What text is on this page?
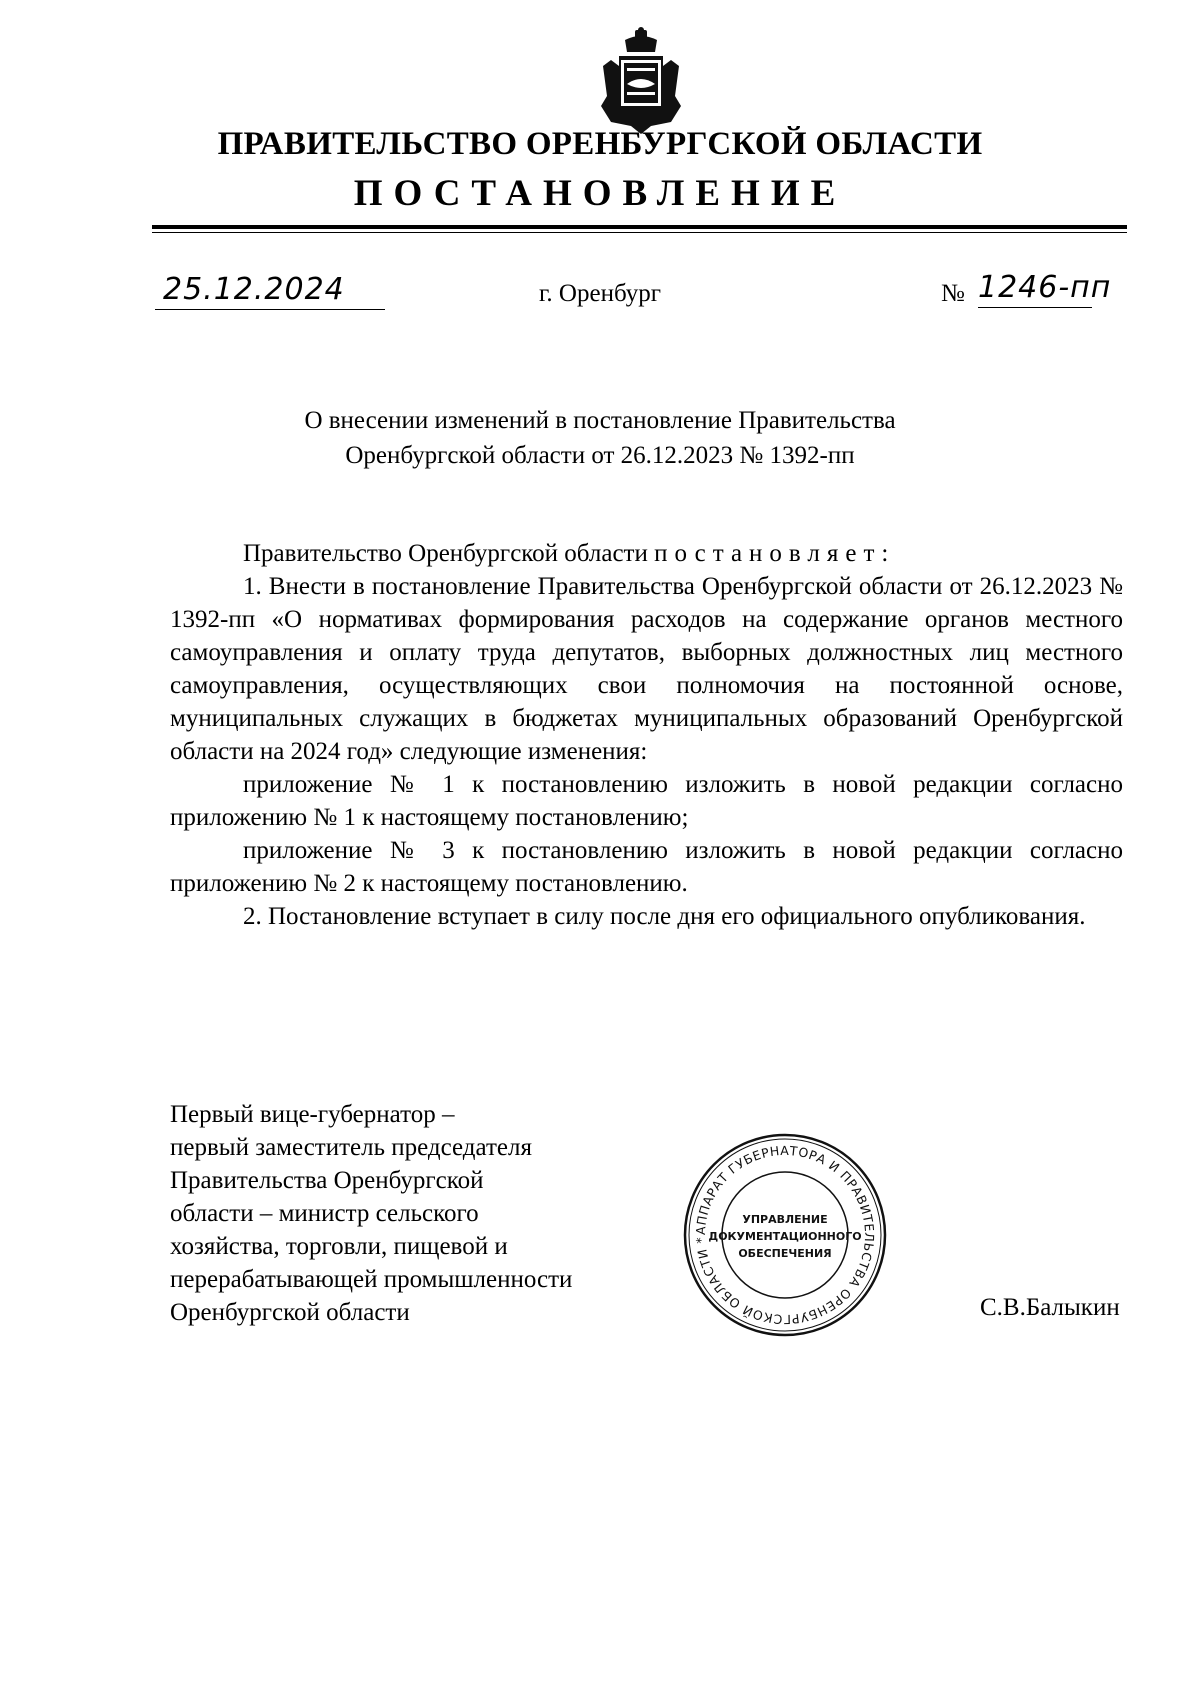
ПРАВИТЕЛЬСТВО ОРЕНБУРГСКОЙ ОБЛАСТИ
ПОСТАНОВЛЕНИЕ
25.12.2024	г. Оренбург	№ 1246-пп
О внесении изменений в постановление Правительства
Оренбургской области от 26.12.2023 № 1392-пп

Правительство Оренбургской области постановляет:

1. Внести в постановление Правительства Оренбургской области от 26.12.2023 № 1392-пп «О нормативах формирования расходов на содержание органов местного самоуправления и оплату труда депутатов, выборных должностных лиц местного самоуправления, осуществляющих свои полномочия на постоянной основе, муниципальных служащих в бюджетах муниципальных образований Оренбургской области на 2024 год» следующие изменения:

приложение № 1 к постановлению изложить в новой редакции согласно приложению № 1 к настоящему постановлению;

приложение № 3 к постановлению изложить в новой редакции согласно приложению № 2 к настоящему постановлению.

2. Постановление вступает в силу после дня его официального опубликования.

Первый вице-губернатор –
первый заместитель председателя
Правительства Оренбургской
области – министр сельского
хозяйства, торговли, пищевой и
перерабатывающей промышленности
Оренбургской области
АППАРАТ ГУБЕРНАТОРА И ПРАВИТЕЛЬСТВА ОРЕНБУРГСКОЙ ОБЛАСТИ *
УПРАВЛЕНИЕ
ДОКУМЕНТАЦИОННОГО
ОБЕСПЕЧЕНИЯ
С.В.Балыкин
